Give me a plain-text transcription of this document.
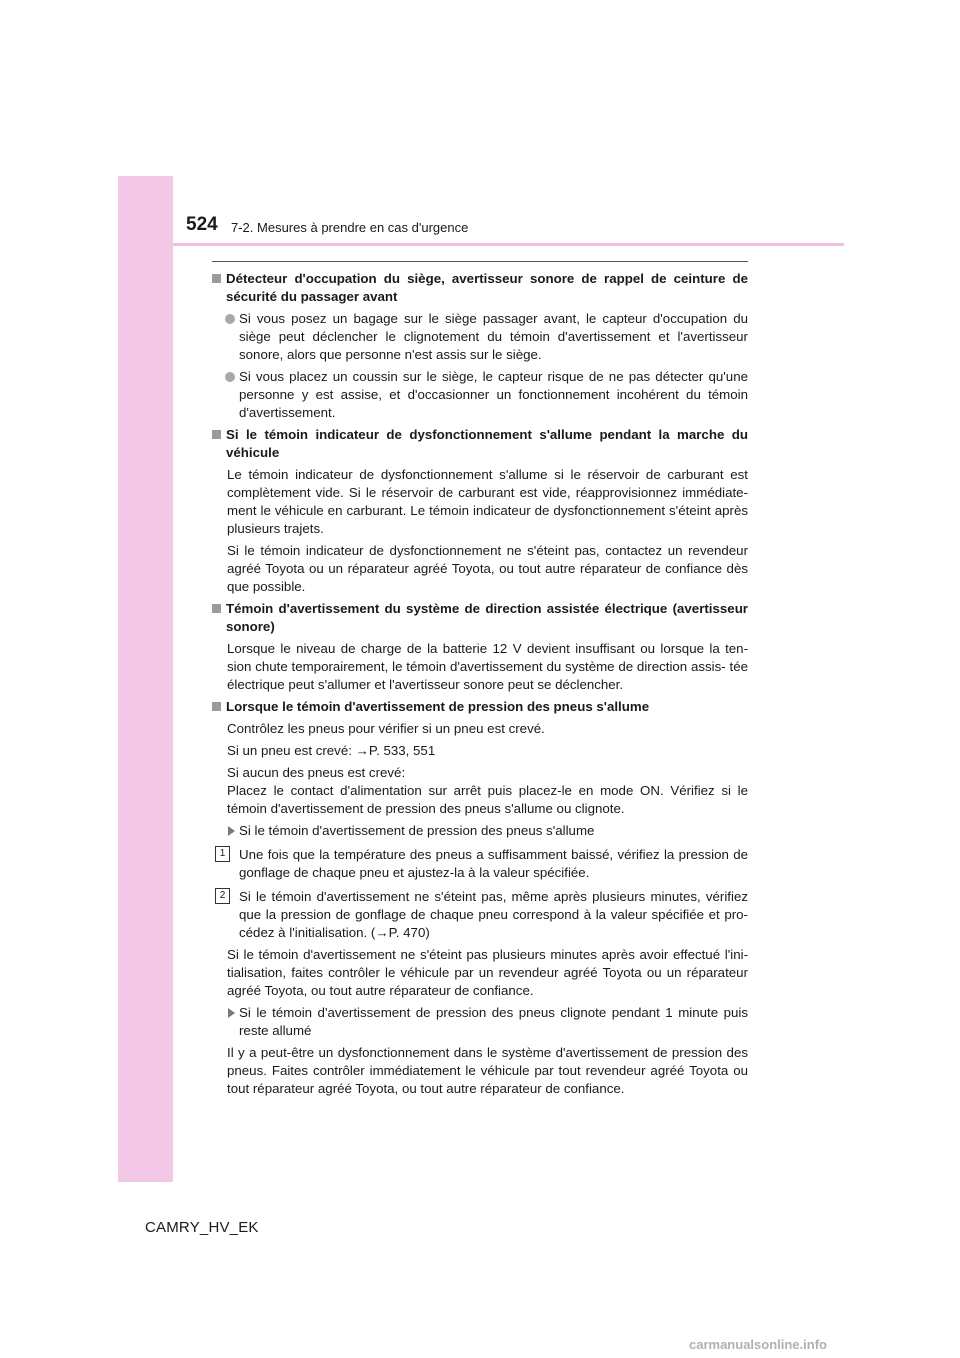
524 7-2. Mesures à prendre en cas d'urgence

Détecteur d'occupation du siège, avertisseur sonore de rappel de ceinture de sécurité du passager avant

Si vous posez un bagage sur le siège passager avant, le capteur d'occupation du siège peut déclencher le clignotement du témoin d'avertissement et l'avertisseur sonore, alors que personne n'est assis sur le siège.

Si vous placez un coussin sur le siège, le capteur risque de ne pas détecter qu'une personne y est assise, et d'occasionner un fonctionnement incohérent du témoin d'avertissement.

Si le témoin indicateur de dysfonctionnement s'allume pendant la marche du véhicule

Le témoin indicateur de dysfonctionnement s'allume si le réservoir de carburant est complètement vide. Si le réservoir de carburant est vide, réapprovisionnez immédiate- ment le véhicule en carburant. Le témoin indicateur de dysfonctionnement s'éteint après plusieurs trajets.

Si le témoin indicateur de dysfonctionnement ne s'éteint pas, contactez un revendeur agréé Toyota ou un réparateur agréé Toyota, ou tout autre réparateur de confiance dès que possible.

Témoin d'avertissement du système de direction assistée électrique (avertisseur sonore)

Lorsque le niveau de charge de la batterie 12 V devient insuffisant ou lorsque la ten- sion chute temporairement, le témoin d'avertissement du système de direction assis- tée électrique peut s'allumer et l'avertisseur sonore peut se déclencher.

Lorsque le témoin d'avertissement de pression des pneus s'allume

Contrôlez les pneus pour vérifier si un pneu est crevé.

Si un pneu est crevé: →P. 533, 551

Si aucun des pneus est crevé:
Placez le contact d'alimentation sur arrêt puis placez-le en mode ON. Vérifiez si le témoin d'avertissement de pression des pneus s'allume ou clignote.

Si le témoin d'avertissement de pression des pneus s'allume

1	Une fois que la température des pneus a suffisamment baissé, vérifiez la pression de gonflage de chaque pneu et ajustez-la à la valeur spécifiée.

2	Si le témoin d'avertissement ne s'éteint pas, même après plusieurs minutes, vérifiez que la pression de gonflage de chaque pneu correspond à la valeur spécifiée et pro- cédez à l'initialisation. (→P. 470)

Si le témoin d'avertissement ne s'éteint pas plusieurs minutes après avoir effectué l'ini- tialisation, faites contrôler le véhicule par un revendeur agréé Toyota ou un réparateur agréé Toyota, ou tout autre réparateur de confiance.

Si le témoin d'avertissement de pression des pneus clignote pendant 1 minute puis reste allumé

Il y a peut-être un dysfonctionnement dans le système d'avertissement de pression des pneus. Faites contrôler immédiatement le véhicule par tout revendeur agréé Toyota ou tout réparateur agréé Toyota, ou tout autre réparateur de confiance.

CAMRY_HV_EK
carmanualsonline.info
